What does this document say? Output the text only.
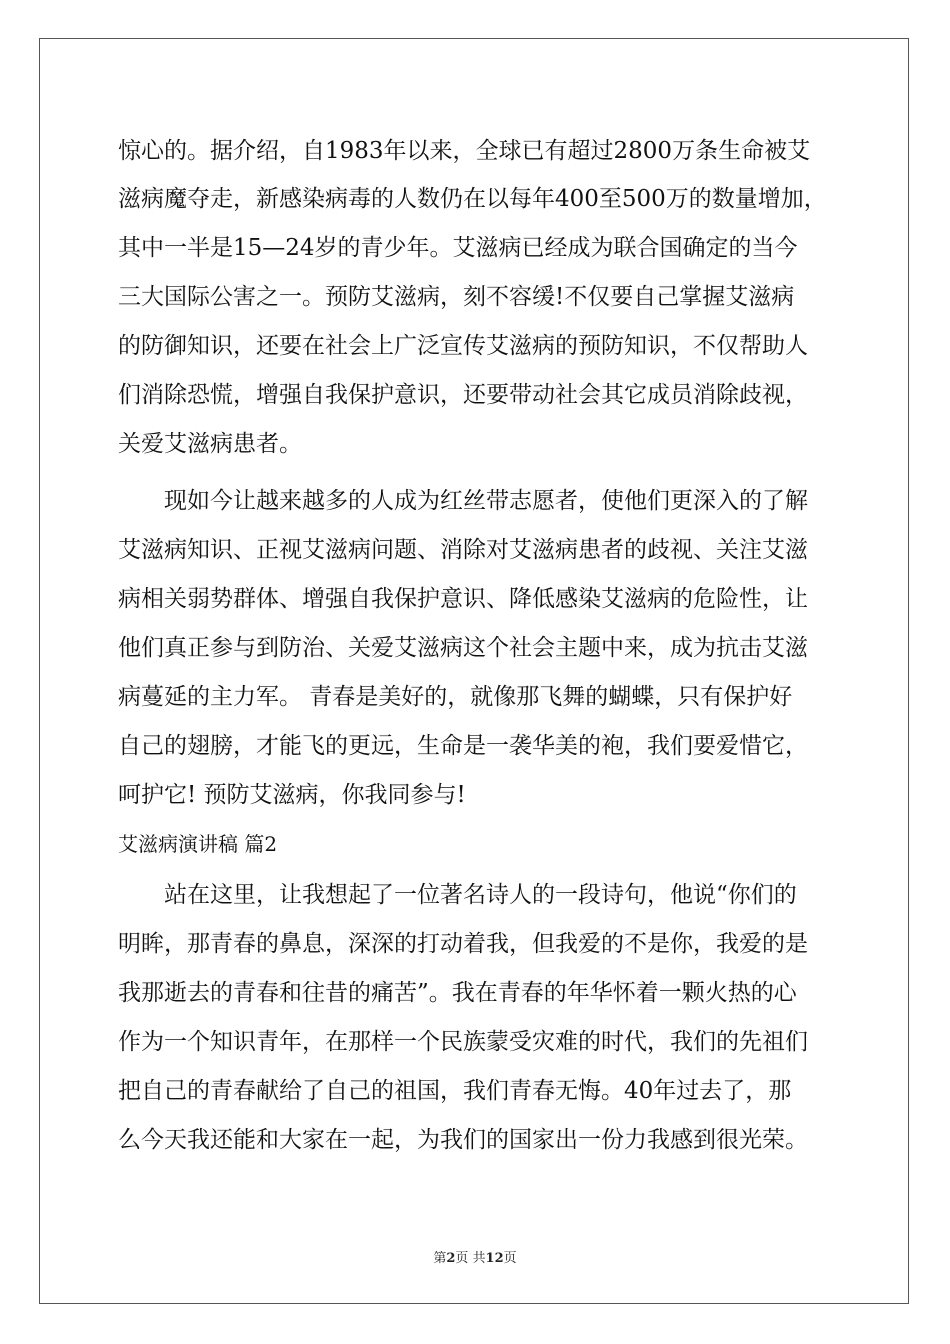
惊心的。据介绍，自1983年以来，全球已有超过2800万条生命被艾
滋病魔夺走，新感染病毒的人数仍在以每年400至500万的数量增加，
其中一半是15—24岁的青少年。艾滋病已经成为联合国确定的当今
三大国际公害之一。预防艾滋病，刻不容缓!不仅要自己掌握艾滋病
的防御知识，还要在社会上广泛宣传艾滋病的预防知识，不仅帮助人
们消除恐慌，增强自我保护意识，还要带动社会其它成员消除歧视，
关爱艾滋病患者。
现如今让越来越多的人成为红丝带志愿者，使他们更深入的了解
艾滋病知识、正视艾滋病问题、消除对艾滋病患者的歧视、关注艾滋
病相关弱势群体、增强自我保护意识、降低感染艾滋病的危险性，让
他们真正参与到防治、关爱艾滋病这个社会主题中来，成为抗击艾滋
病蔓延的主力军。 青春是美好的，就像那飞舞的蝴蝶，只有保护好
自己的翅膀，才能飞的更远，生命是一袭华美的袍，我们要爱惜它，
呵护它! 预防艾滋病，你我同参与!
艾滋病演讲稿 篇2
站在这里，让我想起了一位著名诗人的一段诗句，他说“你们的
明眸，那青春的鼻息，深深的打动着我，但我爱的不是你，我爱的是
我那逝去的青春和往昔的痛苦”。我在青春的年华怀着一颗火热的心
作为一个知识青年，在那样一个民族蒙受灾难的时代，我们的先祖们
把自己的青春献给了自己的祖国，我们青春无悔。40年过去了，那
么今天我还能和大家在一起，为我们的国家出一份力我感到很光荣。
第2页 共12页
